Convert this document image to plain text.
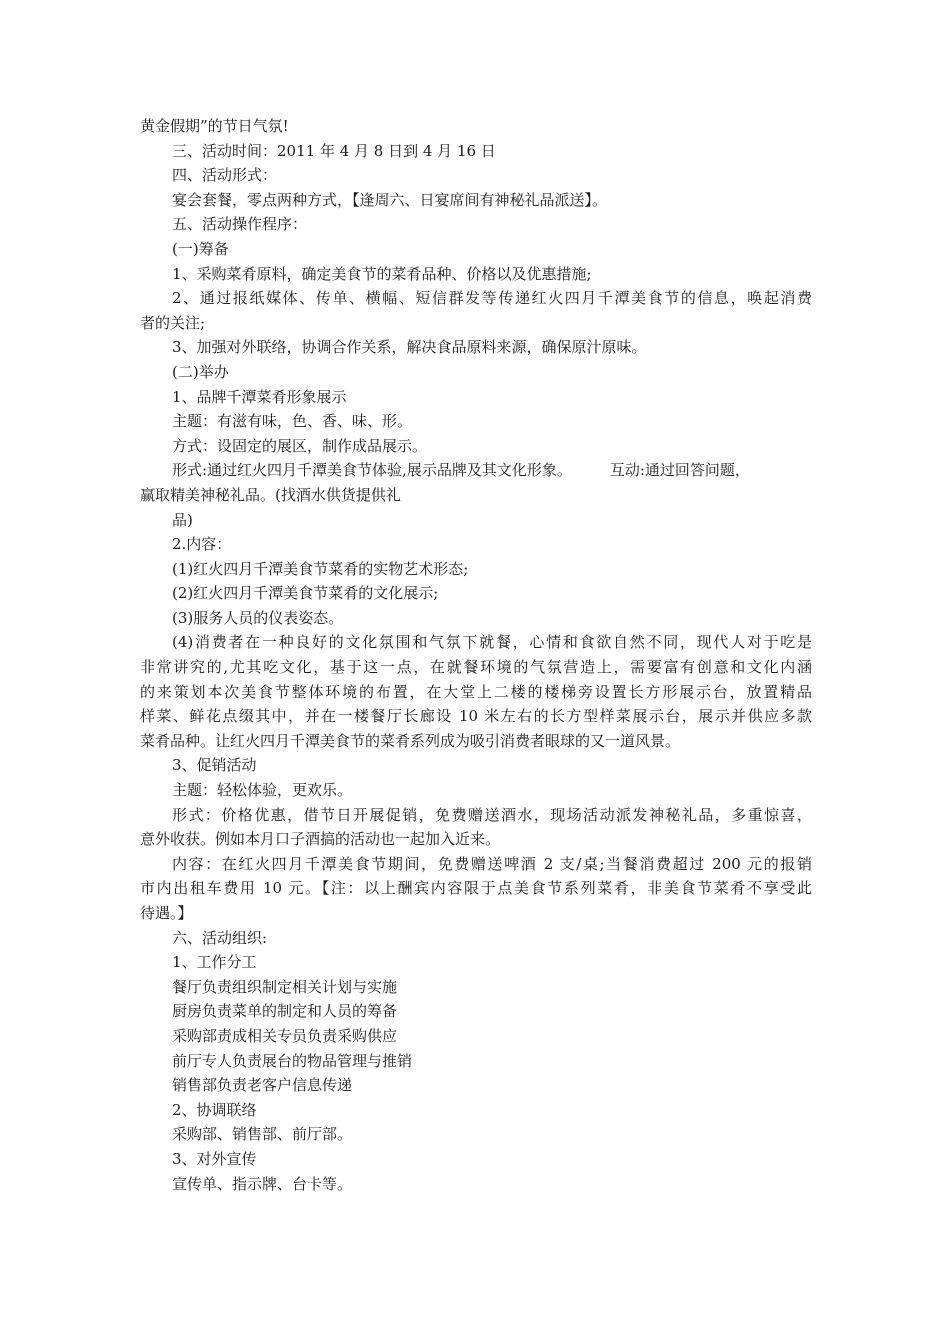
黄金假期”的节日气氛!

三、活动时间：2011 年 4 月 8 日到 4 月 16 日

四、活动形式：

宴会套餐，零点两种方式，【逢周六、日宴席间有神秘礼品派送】。

五、活动操作程序：

(一)筹备

1、采购菜肴原料，确定美食节的菜肴品种、价格以及优惠措施;

2、通过报纸媒体、传单、横幅、短信群发等传递红火四月千潭美食节的信息，唤起消费

者的关注;

3、加强对外联络，协调合作关系，解决食品原料来源，确保原汁原味。

(二)举办

1、品牌千潭菜肴形象展示

主题：有滋有味，色、香、味、形。

方式：设固定的展区，制作成品展示。

形式:通过红火四月千潭美食节体验,展示品牌及其文化形象。	互动:通过回答问题，

赢取精美神秘礼品。(找酒水供货提供礼

品)

2.内容：

(1)红火四月千潭美食节菜肴的实物艺术形态;

(2)红火四月千潭美食节菜肴的文化展示;

(3)服务人员的仪表姿态。

(4)消费者在一种良好的文化氛围和气氛下就餐，心情和食欲自然不同，现代人对于吃是

非常讲究的,尤其吃文化，基于这一点，在就餐环境的气氛营造上，需要富有创意和文化内涵

的来策划本次美食节整体环境的布置，在大堂上二楼的楼梯旁设置长方形展示台，放置精品

样菜、鲜花点缀其中，并在一楼餐厅长廊设 10 米左右的长方型样菜展示台，展示并供应多款

菜肴品种。让红火四月千潭美食节的菜肴系列成为吸引消费者眼球的又一道风景。

3、促销活动

主题：轻松体验，更欢乐。

形式：价格优惠，借节日开展促销，免费赠送酒水，现场活动派发神秘礼品，多重惊喜，

意外收获。例如本月口子酒搞的活动也一起加入近来。

内容：在红火四月千潭美食节期间，免费赠送啤酒 2 支/桌;当餐消费超过 200 元的报销

市内出租车费用 10 元。【注：以上酬宾内容限于点美食节系列菜肴，非美食节菜肴不享受此

待遇。】

六、活动组织:

1、工作分工

餐厅负责组织制定相关计划与实施

厨房负责菜单的制定和人员的筹备

采购部责成相关专员负责采购供应

前厅专人负责展台的物品管理与推销

销售部负责老客户信息传递

2、协调联络

采购部、销售部、前厅部。

3、对外宣传

宣传单、指示牌、台卡等。
